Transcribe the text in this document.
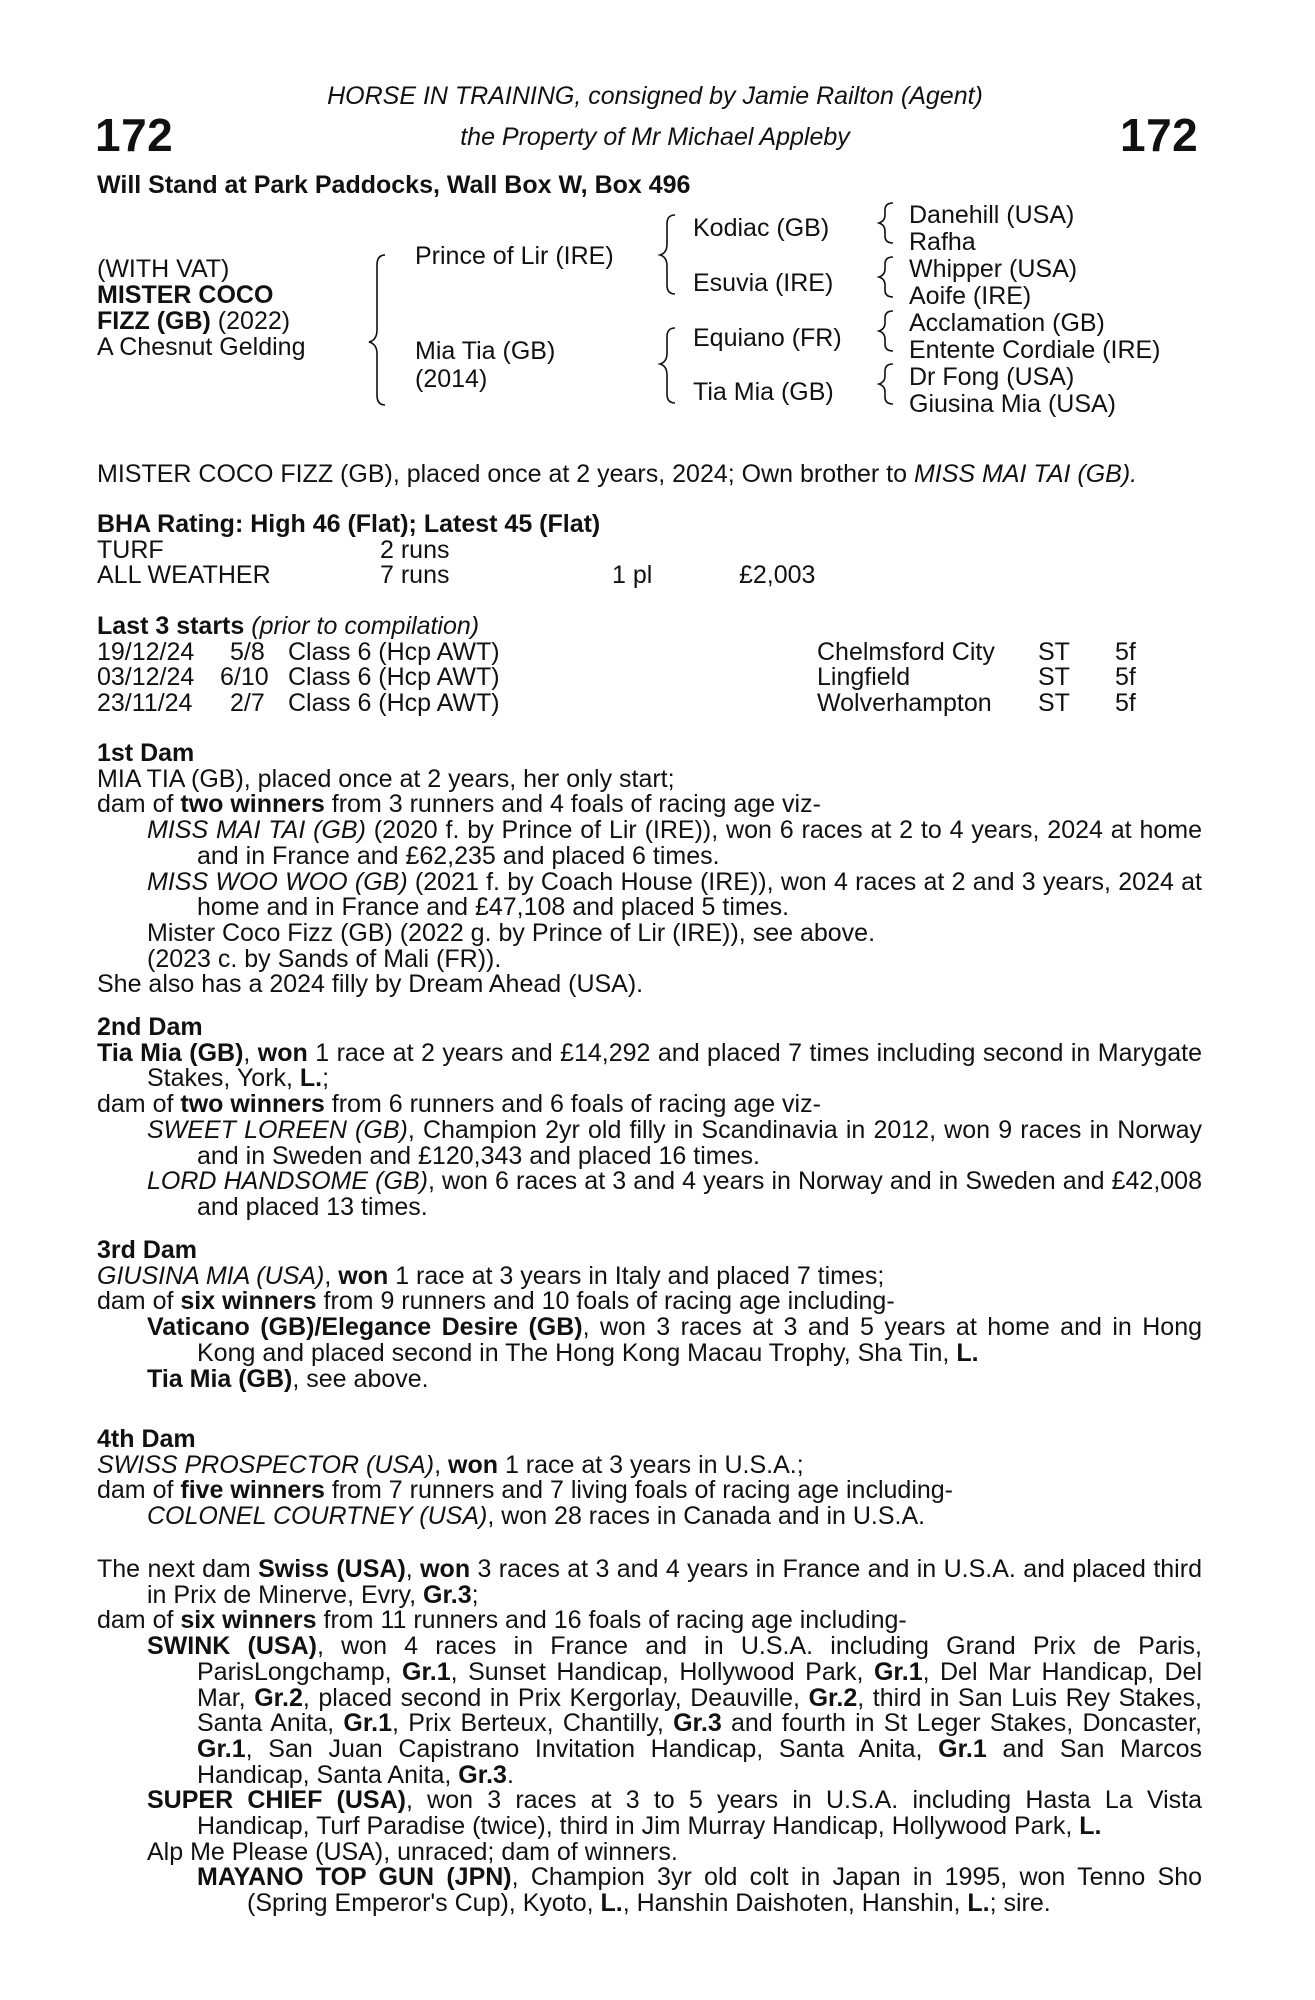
172	172
HORSE IN TRAINING, consigned by Jamie Railton (Agent)
the Property of Mr Michael Appleby
Will Stand at Park Paddocks, Wall Box W, Box 496
(WITH VAT)
MISTER COCO
FIZZ (GB) (2022)
A Chesnut Gelding
Prince of Lir (IRE)
Mia Tia (GB)
(2014)
Kodiac (GB)
Esuvia (IRE)
Equiano (FR)
Tia Mia (GB)
Danehill (USA)
Rafha
Whipper (USA)
Aoife (IRE)
Acclamation (GB)
Entente Cordiale (IRE)
Dr Fong (USA)
Giusina Mia (USA)
MISTER COCO FIZZ (GB), placed once at 2 years, 2024; Own brother to MISS MAI TAI (GB).
BHA Rating: High 46 (Flat); Latest 45 (Flat)
TURF	2 runs
ALL WEATHER	7 runs	1 pl	£2,003
Last 3 starts (prior to compilation)
19/12/24 5/8 Class 6 (Hcp AWT)	Chelmsford City ST 5f
03/12/24 6/10 Class 6 (Hcp AWT)	Lingfield	ST 5f
23/11/24 2/7 Class 6 (Hcp AWT)	Wolverhampton ST 5f
1st Dam
MIA TIA (GB), placed once at 2 years, her only start;
dam of two winners from 3 runners and 4 foals of racing age viz-
MISS MAI TAI (GB) (2020 f. by Prince of Lir (IRE)), won 6 races at 2 to 4 years, 2024 at home and in France and £62,235 and placed 6 times.
MISS WOO WOO (GB) (2021 f. by Coach House (IRE)), won 4 races at 2 and 3 years, 2024 at home and in France and £47,108 and placed 5 times.
Mister Coco Fizz (GB) (2022 g. by Prince of Lir (IRE)), see above.
(2023 c. by Sands of Mali (FR)).
She also has a 2024 filly by Dream Ahead (USA).
2nd Dam
Tia Mia (GB), won 1 race at 2 years and £14,292 and placed 7 times including second in Marygate Stakes, York, L.;
dam of two winners from 6 runners and 6 foals of racing age viz-
SWEET LOREEN (GB), Champion 2yr old filly in Scandinavia in 2012, won 9 races in Norway and in Sweden and £120,343 and placed 16 times.
LORD HANDSOME (GB), won 6 races at 3 and 4 years in Norway and in Sweden and £42,008 and placed 13 times.
3rd Dam
GIUSINA MIA (USA), won 1 race at 3 years in Italy and placed 7 times;
dam of six winners from 9 runners and 10 foals of racing age including-
Vaticano (GB)/Elegance Desire (GB), won 3 races at 3 and 5 years at home and in Hong Kong and placed second in The Hong Kong Macau Trophy, Sha Tin, L.
Tia Mia (GB), see above.
4th Dam
SWISS PROSPECTOR (USA), won 1 race at 3 years in U.S.A.;
dam of five winners from 7 runners and 7 living foals of racing age including-
COLONEL COURTNEY (USA), won 28 races in Canada and in U.S.A.
The next dam Swiss (USA), won 3 races at 3 and 4 years in France and in U.S.A. and placed third in Prix de Minerve, Evry, Gr.3;
dam of six winners from 11 runners and 16 foals of racing age including-
SWINK (USA), won 4 races in France and in U.S.A. including Grand Prix de Paris, ParisLongchamp, Gr.1, Sunset Handicap, Hollywood Park, Gr.1, Del Mar Handicap, Del Mar, Gr.2, placed second in Prix Kergorlay, Deauville, Gr.2, third in San Luis Rey Stakes, Santa Anita, Gr.1, Prix Berteux, Chantilly, Gr.3 and fourth in St Leger Stakes, Doncaster, Gr.1, San Juan Capistrano Invitation Handicap, Santa Anita, Gr.1 and San Marcos Handicap, Santa Anita, Gr.3.
SUPER CHIEF (USA), won 3 races at 3 to 5 years in U.S.A. including Hasta La Vista Handicap, Turf Paradise (twice), third in Jim Murray Handicap, Hollywood Park, L.
Alp Me Please (USA), unraced; dam of winners.
MAYANO TOP GUN (JPN), Champion 3yr old colt in Japan in 1995, won Tenno Sho (Spring Emperor's Cup), Kyoto, L., Hanshin Daishoten, Hanshin, L.; sire.
